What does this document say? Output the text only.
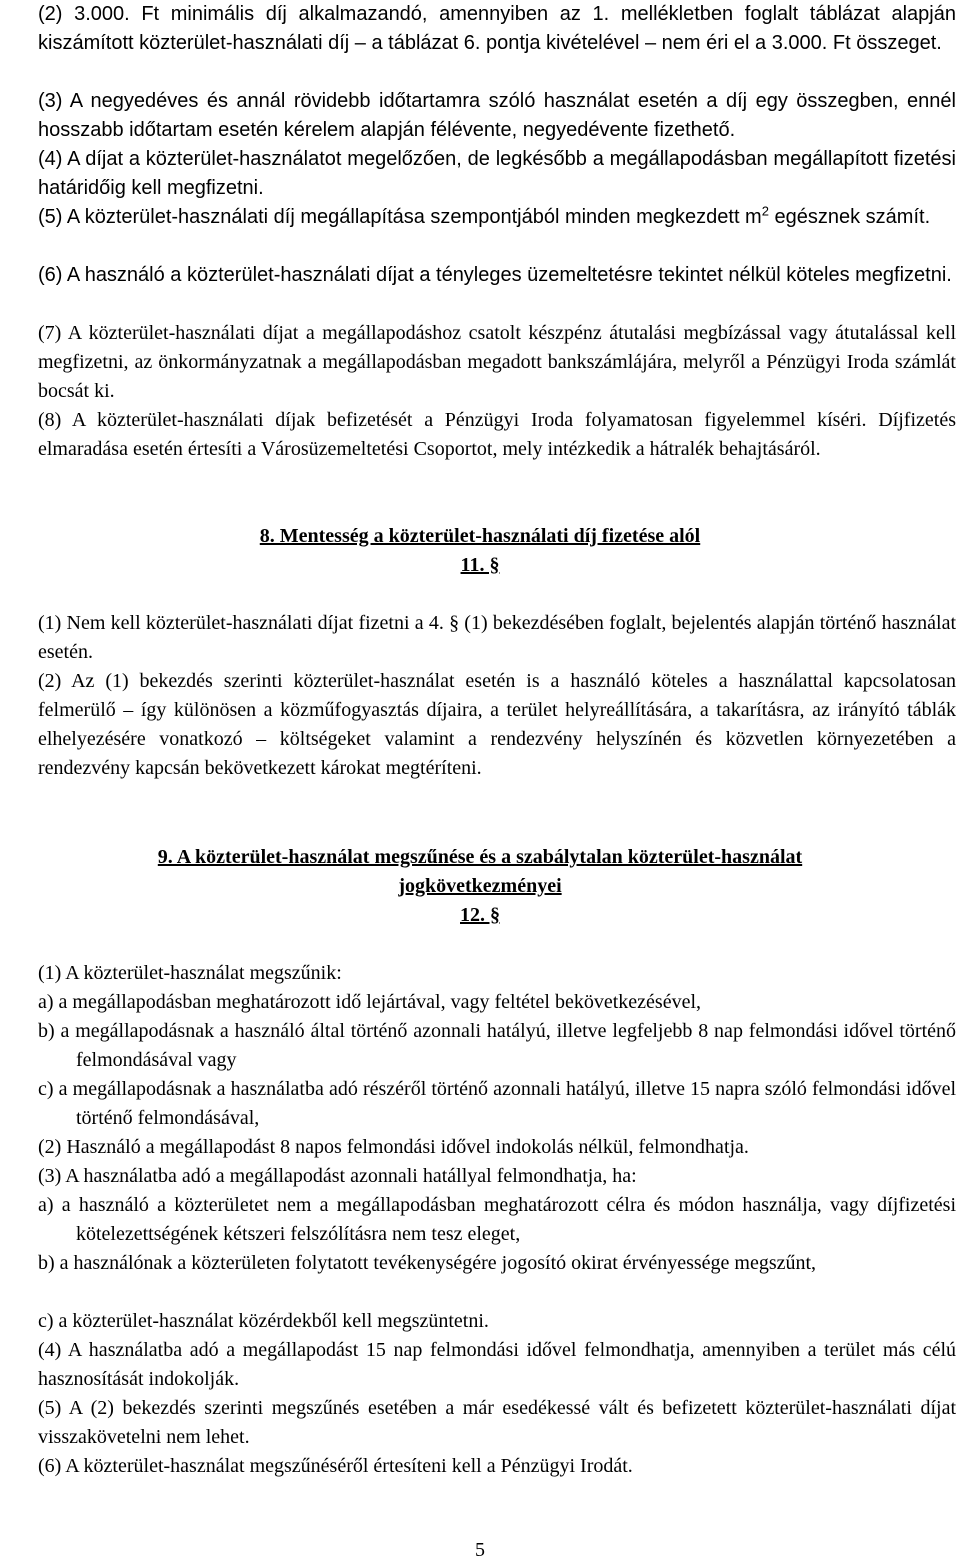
(2) 3.000. Ft minimális díj alkalmazandó, amennyiben az 1. mellékletben foglalt táblázat alapján kiszámított közterület-használati díj – a táblázat 6. pontja kivételével – nem éri el a 3.000. Ft összeget.

(3) A negyedéves és annál rövidebb időtartamra szóló használat esetén a díj egy összegben, ennél hosszabb időtartam esetén kérelem alapján félévente, negyedévente fizethető.

(4) A díjat a közterület-használatot megelőzően, de legkésőbb a megállapodásban megállapított fizetési határidőig kell megfizetni.

(5) A közterület-használati díj megállapítása szempontjából minden megkezdett $m^2$ egésznek számít.

(6) A használó a közterület-használati díjat a tényleges üzemeltetésre tekintet nélkül köteles megfizetni.

(7) A közterület-használati díjat a megállapodáshoz csatolt készpénz átutalási megbízással vagy átutalással kell megfizetni, az önkormányzatnak a megállapodásban megadott bankszámlájára, melyről a Pénzügyi Iroda számlát bocsát ki.

(8) A közterület-használati díjak befizetését a Pénzügyi Iroda folyamatosan figyelemmel kíséri. Díjfizetés elmaradása esetén értesíti a Városüzemeltetési Csoportot, mely intézkedik a hátralék behajtásáról.

8. Mentesség a közterület-használati díj fizetése alól

11. §

(1) Nem kell közterület-használati díjat fizetni a 4. § (1) bekezdésében foglalt, bejelentés alapján történő használat esetén.

(2) Az (1) bekezdés szerinti közterület-használat esetén is a használó köteles a használattal kapcsolatosan felmerülő – így különösen a közműfogyasztás díjaira, a terület helyreállítására, a takarításra, az irányító táblák elhelyezésére vonatkozó – költségeket valamint a rendezvény helyszínén és közvetlen környezetében a rendezvény kapcsán bekövetkezett károkat megtéríteni.

9. A közterület-használat megszűnése és a szabálytalan közterület-használat

jogkövetkezményei

12. §

(1) A közterület-használat megszűnik:

a) a megállapodásban meghatározott idő lejártával, vagy feltétel bekövetkezésével,

b) a megállapodásnak a használó által történő azonnali hatályú, illetve legfeljebb 8 nap felmondási idővel történő felmondásával vagy

c) a megállapodásnak a használatba adó részéről történő azonnali hatályú, illetve 15 napra szóló felmondási idővel történő felmondásával,

(2) Használó a megállapodást 8 napos felmondási idővel indokolás nélkül, felmondhatja.

(3) A használatba adó a megállapodást azonnali hatállyal felmondhatja, ha:

a) a használó a közterületet nem a megállapodásban meghatározott célra és módon használja, vagy díjfizetési kötelezettségének kétszeri felszólításra nem tesz eleget,

b) a használónak a közterületen folytatott tevékenységére jogosító okirat érvényessége megszűnt,

c) a közterület-használat közérdekből kell megszüntetni.

(4) A használatba adó a megállapodást 15 nap felmondási idővel felmondhatja, amennyiben a terület más célú hasznosítását indokolják.

(5) A (2) bekezdés szerinti megszűnés esetében a már esedékessé vált és befizetett közterület-használati díjat visszakövetelni nem lehet.

(6) A közterület-használat megszűnéséről értesíteni kell a Pénzügyi Irodát.

5
